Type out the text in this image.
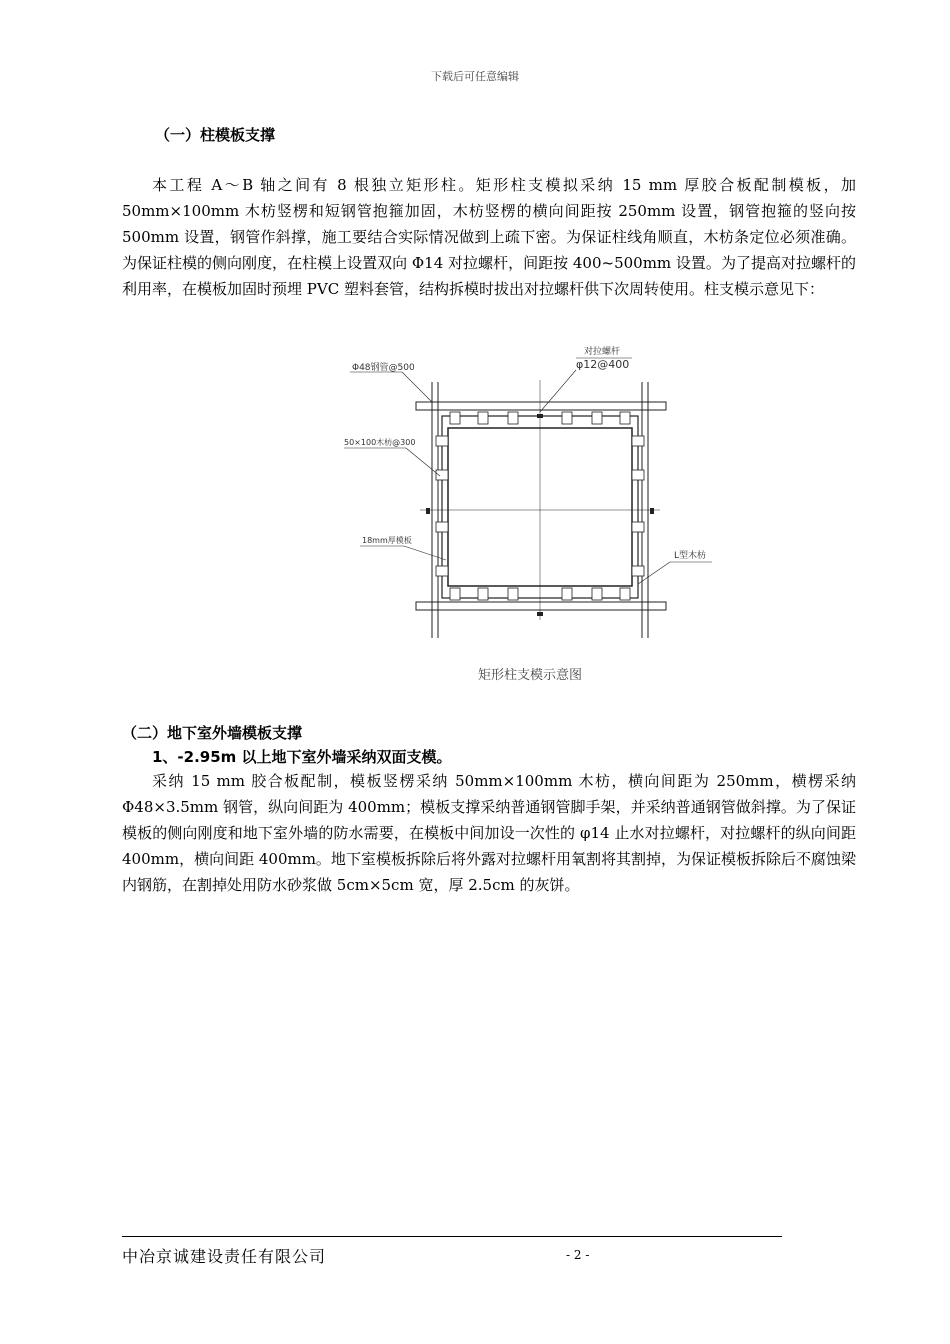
下载后可任意编辑
（一）柱模板支撑

本工程 A～B 轴之间有 8 根独立矩形柱。矩形柱支模拟采纳 15 mm 厚胶合板配制模板，加 50mm×100mm 木枋竖楞和短钢管抱箍加固，木枋竖楞的横向间距按 250mm 设置，钢管抱箍的竖向按 500mm 设置，钢管作斜撑，施工要结合实际情况做到上疏下密。为保证柱线角顺直，木枋条定位必须准确。为保证柱模的侧向刚度，在柱模上设置双向 Φ14 对拉螺杆，间距按 400~500mm 设置。为了提高对拉螺杆的利用率，在模板加固时预埋 PVC 塑料套管，结构拆模时拔出对拉螺杆供下次周转使用。柱支模示意见下：

Φ48钢管@500
对拉螺杆
φ12@400
50×100木枋@300
18mm厚模板
L型木枋
矩形柱支模示意图
（二）地下室外墙模板支撑
1、-2.95m 以上地下室外墙采纳双面支模。

采纳 15 mm 胶合板配制，模板竖楞采纳 50mm×100mm 木枋，横向间距为 250mm，横楞采纳 Φ48×3.5mm 钢管，纵向间距为 400mm；模板支撑采纳普通钢管脚手架，并采纳普通钢管做斜撑。为了保证模板的侧向刚度和地下室外墙的防水需要，在模板中间加设一次性的 φ14 止水对拉螺杆，对拉螺杆的纵向间距 400mm，横向间距 400mm。地下室模板拆除后将外露对拉螺杆用氧割将其割掉，为保证模板拆除后不腐蚀梁内钢筋，在割掉处用防水砂浆做 5cm×5cm 宽，厚 2.5cm 的灰饼。

中冶京诚建设责任有限公司	- 2 -
